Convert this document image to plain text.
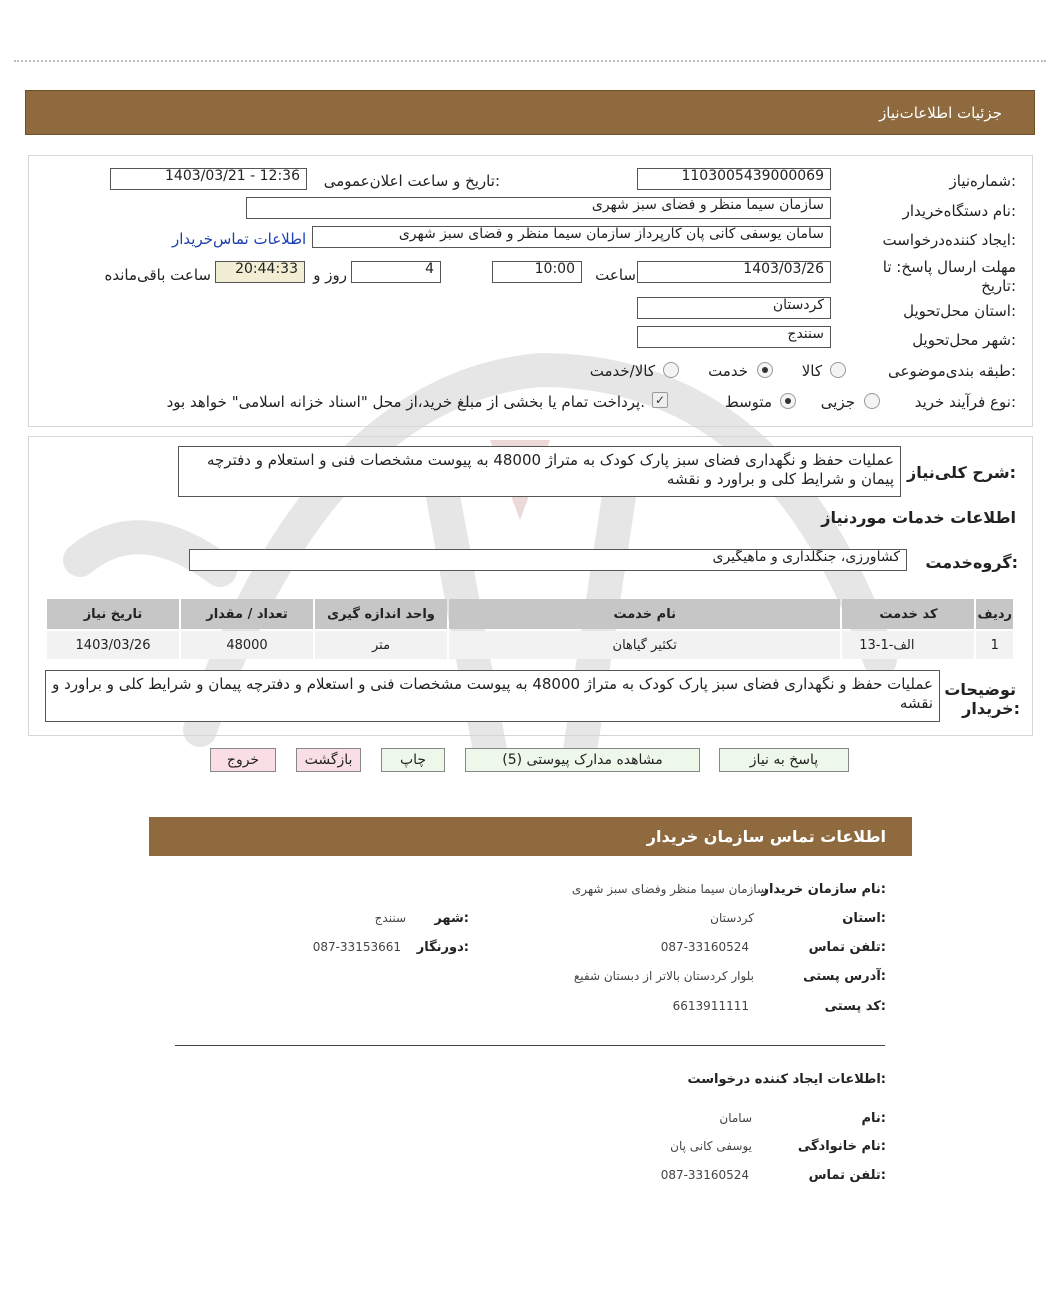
جزئیات اطلاعات‌نیاز
شماره‌نیاز:
1103005439000069
تاریخ و ساعت اعلان‌عمومی:
1403/03/21 - 12:36
نام دستگاه‌خریدار:
سازمان سیما منظر و فضای سبز شهری
ایجاد کننده‌درخواست:
سامان یوسفی کانی پان کارپرداز سازمان سیما منظر و فضای سبز شهری
اطلاعات تماس‌خریدار
مهلت ارسال پاسخ: تا
تاریخ:
1403/03/26
ساعت
10:00
4
روز و
20:44:33
ساعت باقی‌مانده
استان محل‌تحویل:
کردستان
شهر محل‌تحویل:
سنندج
طبقه بندی‌موضوعی:
کالا
خدمت
کالا/خدمت
نوع فرآیند خرید:
جزیی
متوسط
✓
پرداخت تمام یا بخشی از مبلغ خرید،از محل "اسناد خزانه اسلامی" خواهد بود.
شرح کلی‌نیاز:
عملیات حفظ و نگهداری فضای سبز پارک کودک به متراژ 48000 به پیوست مشخصات فنی و استعلام و دفترچه پیمان و شرایط کلی و براورد و نقشه
اطلاعات خدمات موردنیاز
گروه‌خدمت:
کشاورزی، جنگلداری و ماهیگیری
ردیف	کد خدمت	نام خدمت	واحد اندازه گیری	تعداد / مقدار	تاریخ نیاز
1	الف-1-13	تکثیر گیاهان	متر	48000	1403/03/26
توضیحات
خریدار:
عملیات حفظ و نگهداری فضای سبز پارک کودک به متراژ 48000 به پیوست مشخصات فنی و استعلام و دفترچه پیمان و شرایط کلی و براورد و نقشه
پاسخ به نیاز
مشاهده مدارک پیوستی (5)
چاپ
بازگشت
خروج
اطلاعات تماس سازمان خریدار
نام سازمان خریدار:
سازمان سیما منظر وفضای سبز شهری
استان:
کردستان
شهر:
سنندج
تلفن تماس:
087-33160524
دورنگار:
087-33153661
آدرس پستی:
بلوار کردستان بالاتر از دبستان شفیع
کد پستی:
6613911111
اطلاعات ایجاد کننده درخواست:
نام:
سامان
نام خانوادگی:
یوسفی کانی پان
تلفن تماس:
087-33160524
